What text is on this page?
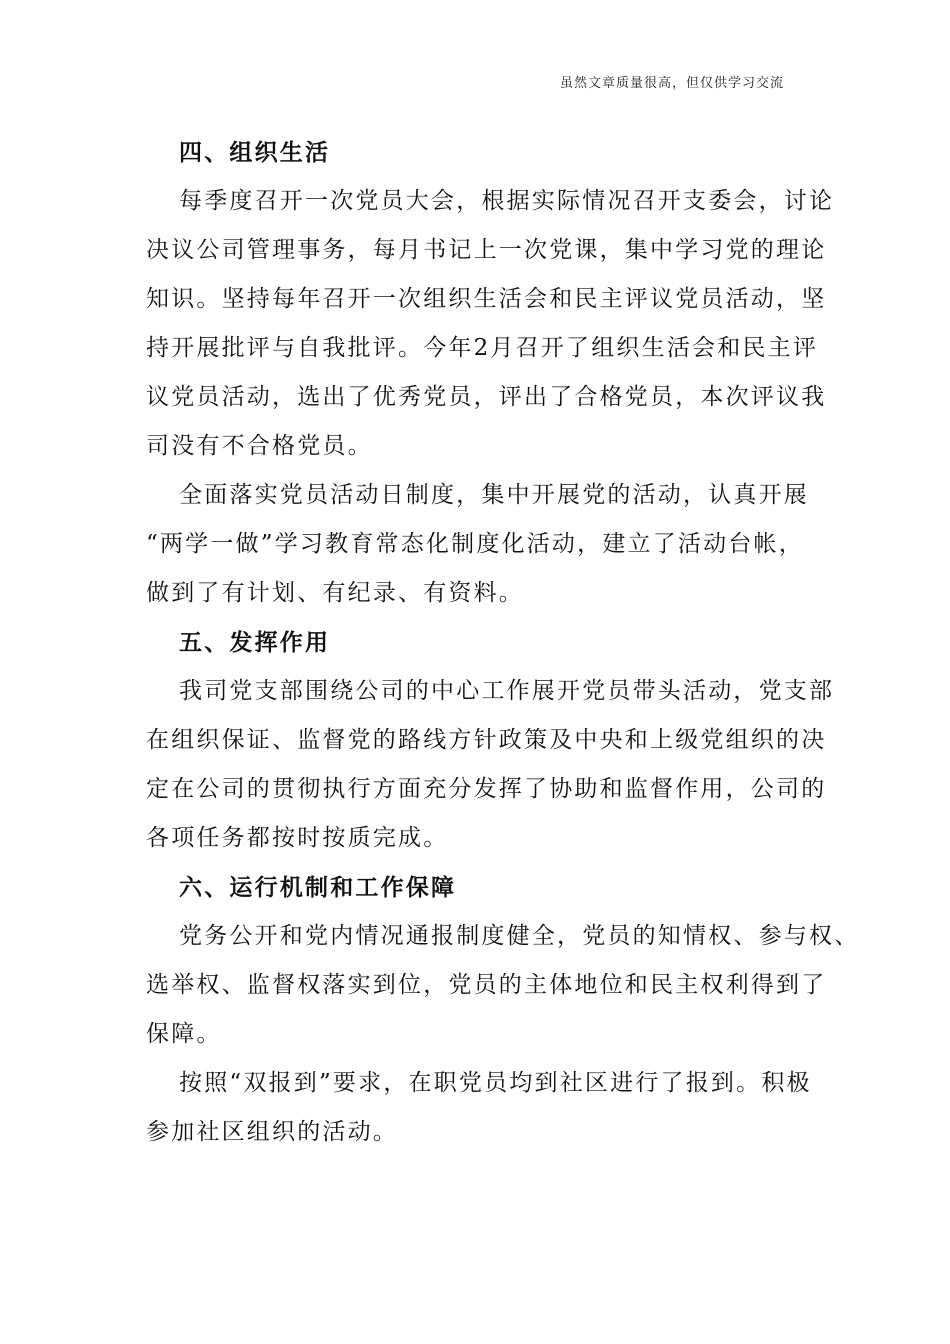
虽然文章质量很高，但仅供学习交流
四、组织生活
每季度召开一次党员大会，根据实际情况召开支委会，讨论
决议公司管理事务，每月书记上一次党课，集中学习党的理论
知识。坚持每年召开一次组织生活会和民主评议党员活动，坚
持开展批评与自我批评。今年2月召开了组织生活会和民主评
议党员活动，选出了优秀党员，评出了合格党员，本次评议我
司没有不合格党员。
全面落实党员活动日制度，集中开展党的活动，认真开展
“两学一做”学习教育常态化制度化活动，建立了活动台帐，
做到了有计划、有纪录、有资料。
五、发挥作用
我司党支部围绕公司的中心工作展开党员带头活动，党支部
在组织保证、监督党的路线方针政策及中央和上级党组织的决
定在公司的贯彻执行方面充分发挥了协助和监督作用，公司的
各项任务都按时按质完成。
六、运行机制和工作保障
党务公开和党内情况通报制度健全，党员的知情权、参与权、
选举权、监督权落实到位，党员的主体地位和民主权利得到了
保障。
按照“双报到”要求，在职党员均到社区进行了报到。积极
参加社区组织的活动。
